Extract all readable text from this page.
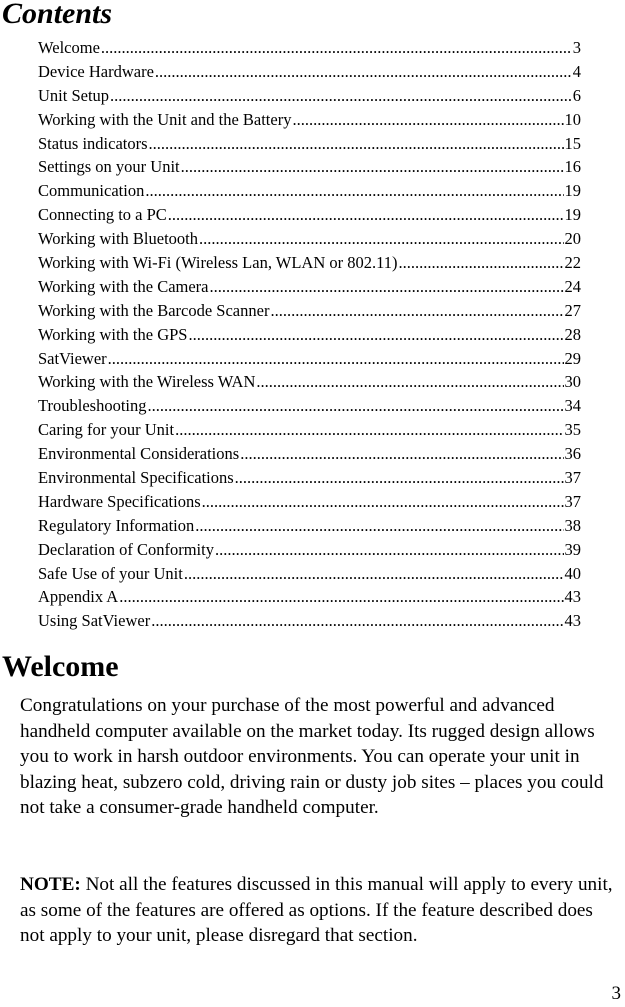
Contents
Welcome .....	3
Device Hardware .....	4
Unit Setup .....	6
Working with the Unit and the Battery .....	10
Status indicators .....	15
Settings on your Unit .....	16
Communication .....	19
Connecting to a PC .....	19
Working with Bluetooth .....	20
Working with Wi-Fi (Wireless Lan, WLAN or 802.11) .....	22
Working with the Camera .....	24
Working with the Barcode Scanner .....	27
Working with the GPS .....	28
SatViewer .....	29
Working with the Wireless WAN .....	30
Troubleshooting .....	34
Caring for your Unit .....	35
Environmental Considerations .....	36
Environmental Specifications .....	37
Hardware Specifications .....	37
Regulatory Information .....	38
Declaration of Conformity .....	39
Safe Use of your Unit .....	40
Appendix A .....	43
Using SatViewer .....	43
Welcome

Congratulations on your purchase of the most powerful and advanced handheld computer available on the market today. Its rugged design allows you to work in harsh outdoor environments. You can operate your unit in blazing heat, subzero cold, driving rain or dusty job sites – places you could not take a consumer-grade handheld computer.

NOTE: Not all the features discussed in this manual will apply to every unit, as some of the features are offered as options. If the feature described does not apply to your unit, please disregard that section.

3
